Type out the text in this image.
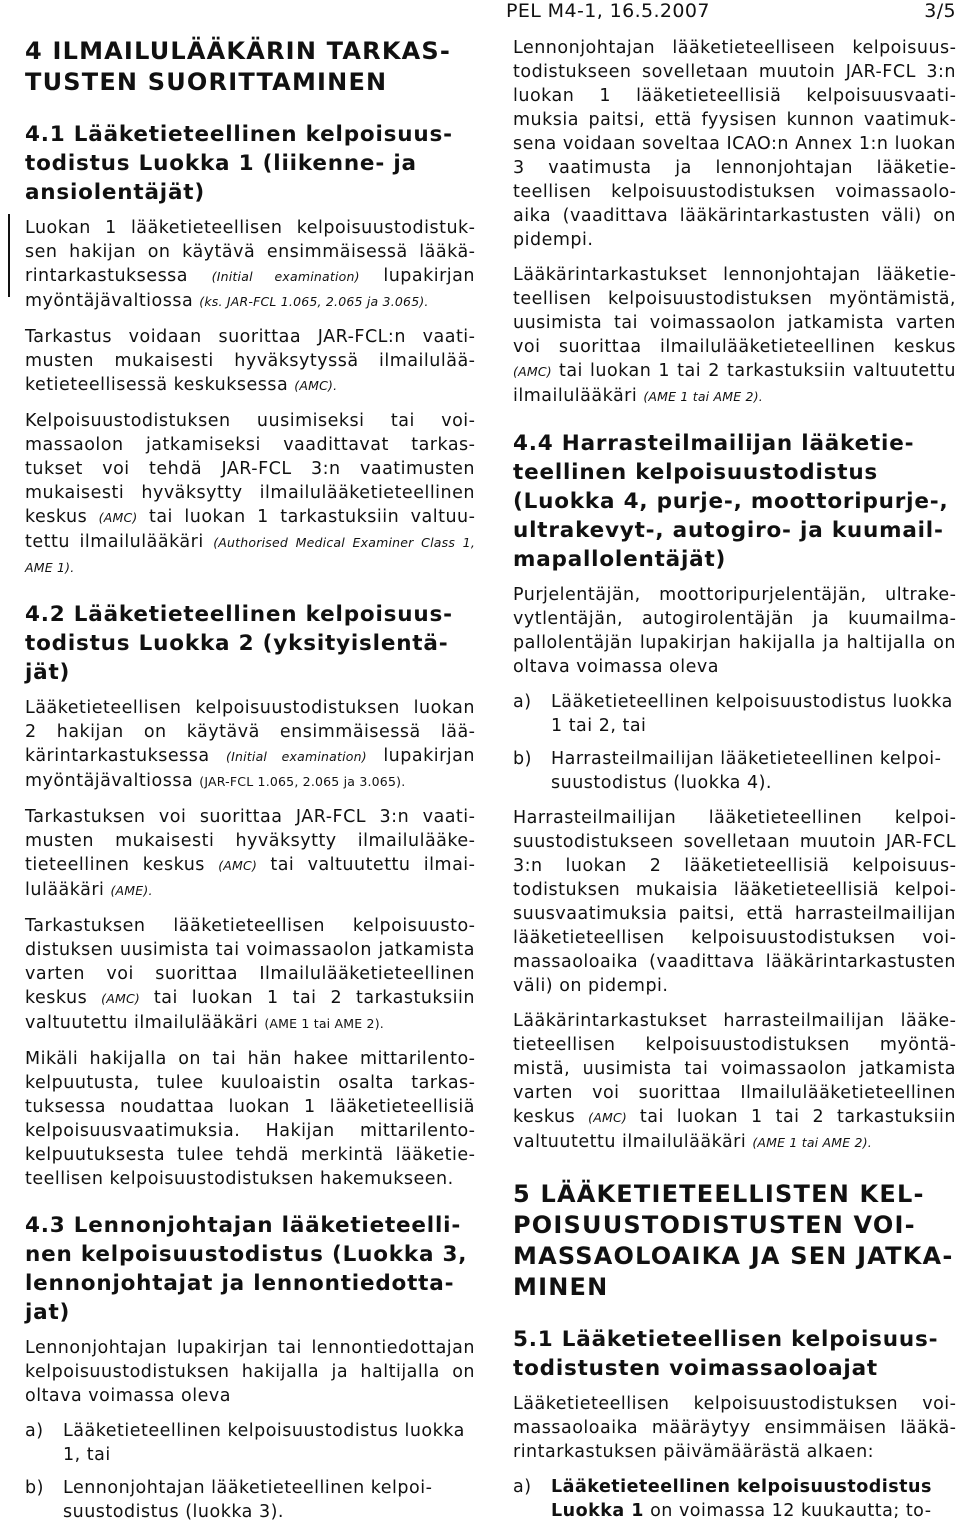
PEL M4-1, 16.5.2007	3/5
4 ILMAILULÄÄKÄRIN TARKASTUSTEN SUORITTAMINEN
4.1 Lääketieteellinen kelpoisuustodistus Luokka 1 (liikenne- ja ansiolentäjät)

Luokan 1 lääketieteellisen kelpoisuustodistuksen hakijan on käytävä ensimmäisessä lääkärintarkastuksessa (Initial examination) lupakirjan myöntäjävaltiossa (ks. JAR-FCL 1.065, 2.065 ja 3.065).

Tarkastus voidaan suorittaa JAR-FCL:n vaatimusten mukaisesti hyväksytyssä ilmailulääketieteellisessä keskuksessa (AMC).

Kelpoisuustodistuksen uusimiseksi tai voimassaolon jatkamiseksi vaadittavat tarkastukset voi tehdä JAR-FCL 3:n vaatimusten mukaisesti hyväksytty ilmailulääketieteellinen keskus (AMC) tai luokan 1 tarkastuksiin valtuutettu ilmailulääkäri (Authorised Medical Examiner Class 1, AME 1).

4.2 Lääketieteellinen kelpoisuustodistus Luokka 2 (yksityislentäjät)

Lääketieteellisen kelpoisuustodistuksen luokan 2 hakijan on käytävä ensimmäisessä lääkärintarkastuksessa (Initial examination) lupakirjan myöntäjävaltiossa (JAR-FCL 1.065, 2.065 ja 3.065).

Tarkastuksen voi suorittaa JAR-FCL 3:n vaatimusten mukaisesti hyväksytty ilmailulääketieteellinen keskus (AMC) tai valtuutettu ilmailulääkäri (AME).

Tarkastuksen lääketieteellisen kelpoisuustodistuksen uusimista tai voimassaolon jatkamista varten voi suorittaa Ilmailulääketieteellinen keskus (AMC) tai luokan 1 tai 2 tarkastuksiin valtuutettu ilmailulääkäri (AME 1 tai AME 2).

Mikäli hakijalla on tai hän hakee mittarilentokelpuutusta, tulee kuuloaistin osalta tarkastuksessa noudattaa luokan 1 lääketieteellisiä kelpoisuusvaatimuksia. Hakijan mittarilentokelpuutuksesta tulee tehdä merkintä lääketieteellisen kelpoisuustodistuksen hakemukseen.

4.3 Lennonjohtajan lääketieteellinen kelpoisuustodistus (Luokka 3, lennonjohtajat ja lennontiedottajat)

Lennonjohtajan lupakirjan tai lennontiedottajan kelpoisuustodistuksen hakijalla ja haltijalla on oltava voimassa oleva

a) Lääketieteellinen kelpoisuustodistus luokka 1, tai
b) Lennonjohtajan lääketieteellinen kelpoisuustodistus (luokka 3).

Lennonjohtajan lääketieteelliseen kelpoisuustodistukseen sovelletaan muutoin JAR-FCL 3:n luokan 1 lääketieteellisiä kelpoisuusvaatimuksia paitsi, että fyysisen kunnon vaatimuksena voidaan soveltaa ICAO:n Annex 1:n luokan 3 vaatimusta ja lennonjohtajan lääketieteellisen kelpoisuustodistuksen voimassaoloaika (vaadittava lääkärintarkastusten väli) on pidempi.

Lääkärintarkastukset lennonjohtajan lääketieteellisen kelpoisuustodistuksen myöntämistä, uusimista tai voimassaolon jatkamista varten voi suorittaa ilmailulääketieteellinen keskus (AMC) tai luokan 1 tai 2 tarkastuksiin valtuutettu ilmailulääkäri (AME 1 tai AME 2).

4.4 Harrasteilmailijan lääketieteellinen kelpoisuustodistus (Luokka 4, purje-, moottoripurje-, ultrakevyt-, autogiro- ja kuumailmapallolentäjät)

Purjelentäjän, moottoripurjelentäjän, ultrakevytlentäjän, autogirolentäjän ja kuumailmapallolentäjän lupakirjan hakijalla ja haltijalla on oltava voimassa oleva

a) Lääketieteellinen kelpoisuustodistus luokka 1 tai 2, tai
b) Harrasteilmailijan lääketieteellinen kelpoisuustodistus (luokka 4).

Harrasteilmailijan lääketieteellinen kelpoisuustodistukseen sovelletaan muutoin JAR-FCL 3:n luokan 2 lääketieteellisiä kelpoisuustodistuksen mukaisia lääketieteellisiä kelpoisuusvaatimuksia paitsi, että harrasteilmailijan lääketieteellisen kelpoisuustodistuksen voimassaoloaika (vaadittava lääkärintarkastusten väli) on pidempi.

Lääkärintarkastukset harrasteilmailijan lääketieteellisen kelpoisuustodistuksen myöntämistä, uusimista tai voimassaolon jatkamista varten voi suorittaa Ilmailulääketieteellinen keskus (AMC) tai luokan 1 tai 2 tarkastuksiin valtuutettu ilmailulääkäri (AME 1 tai AME 2).

5 LÄÄKETIETEELLISTEN KELPOISUUSTODISTUSTEN VOIMASSAOLOAIKA JA SEN JATKAMINEN
5.1 Lääketieteellisen kelpoisuustodistusten voimassaoloajat

Lääketieteellisen kelpoisuustodistuksen voimassaoloaika määräytyy ensimmäisen lääkärintarkastuksen päivämäärästä alkaen:

a) Lääketieteellinen kelpoisuustodistus Luokka 1 on voimassa 12 kuukautta; to-
